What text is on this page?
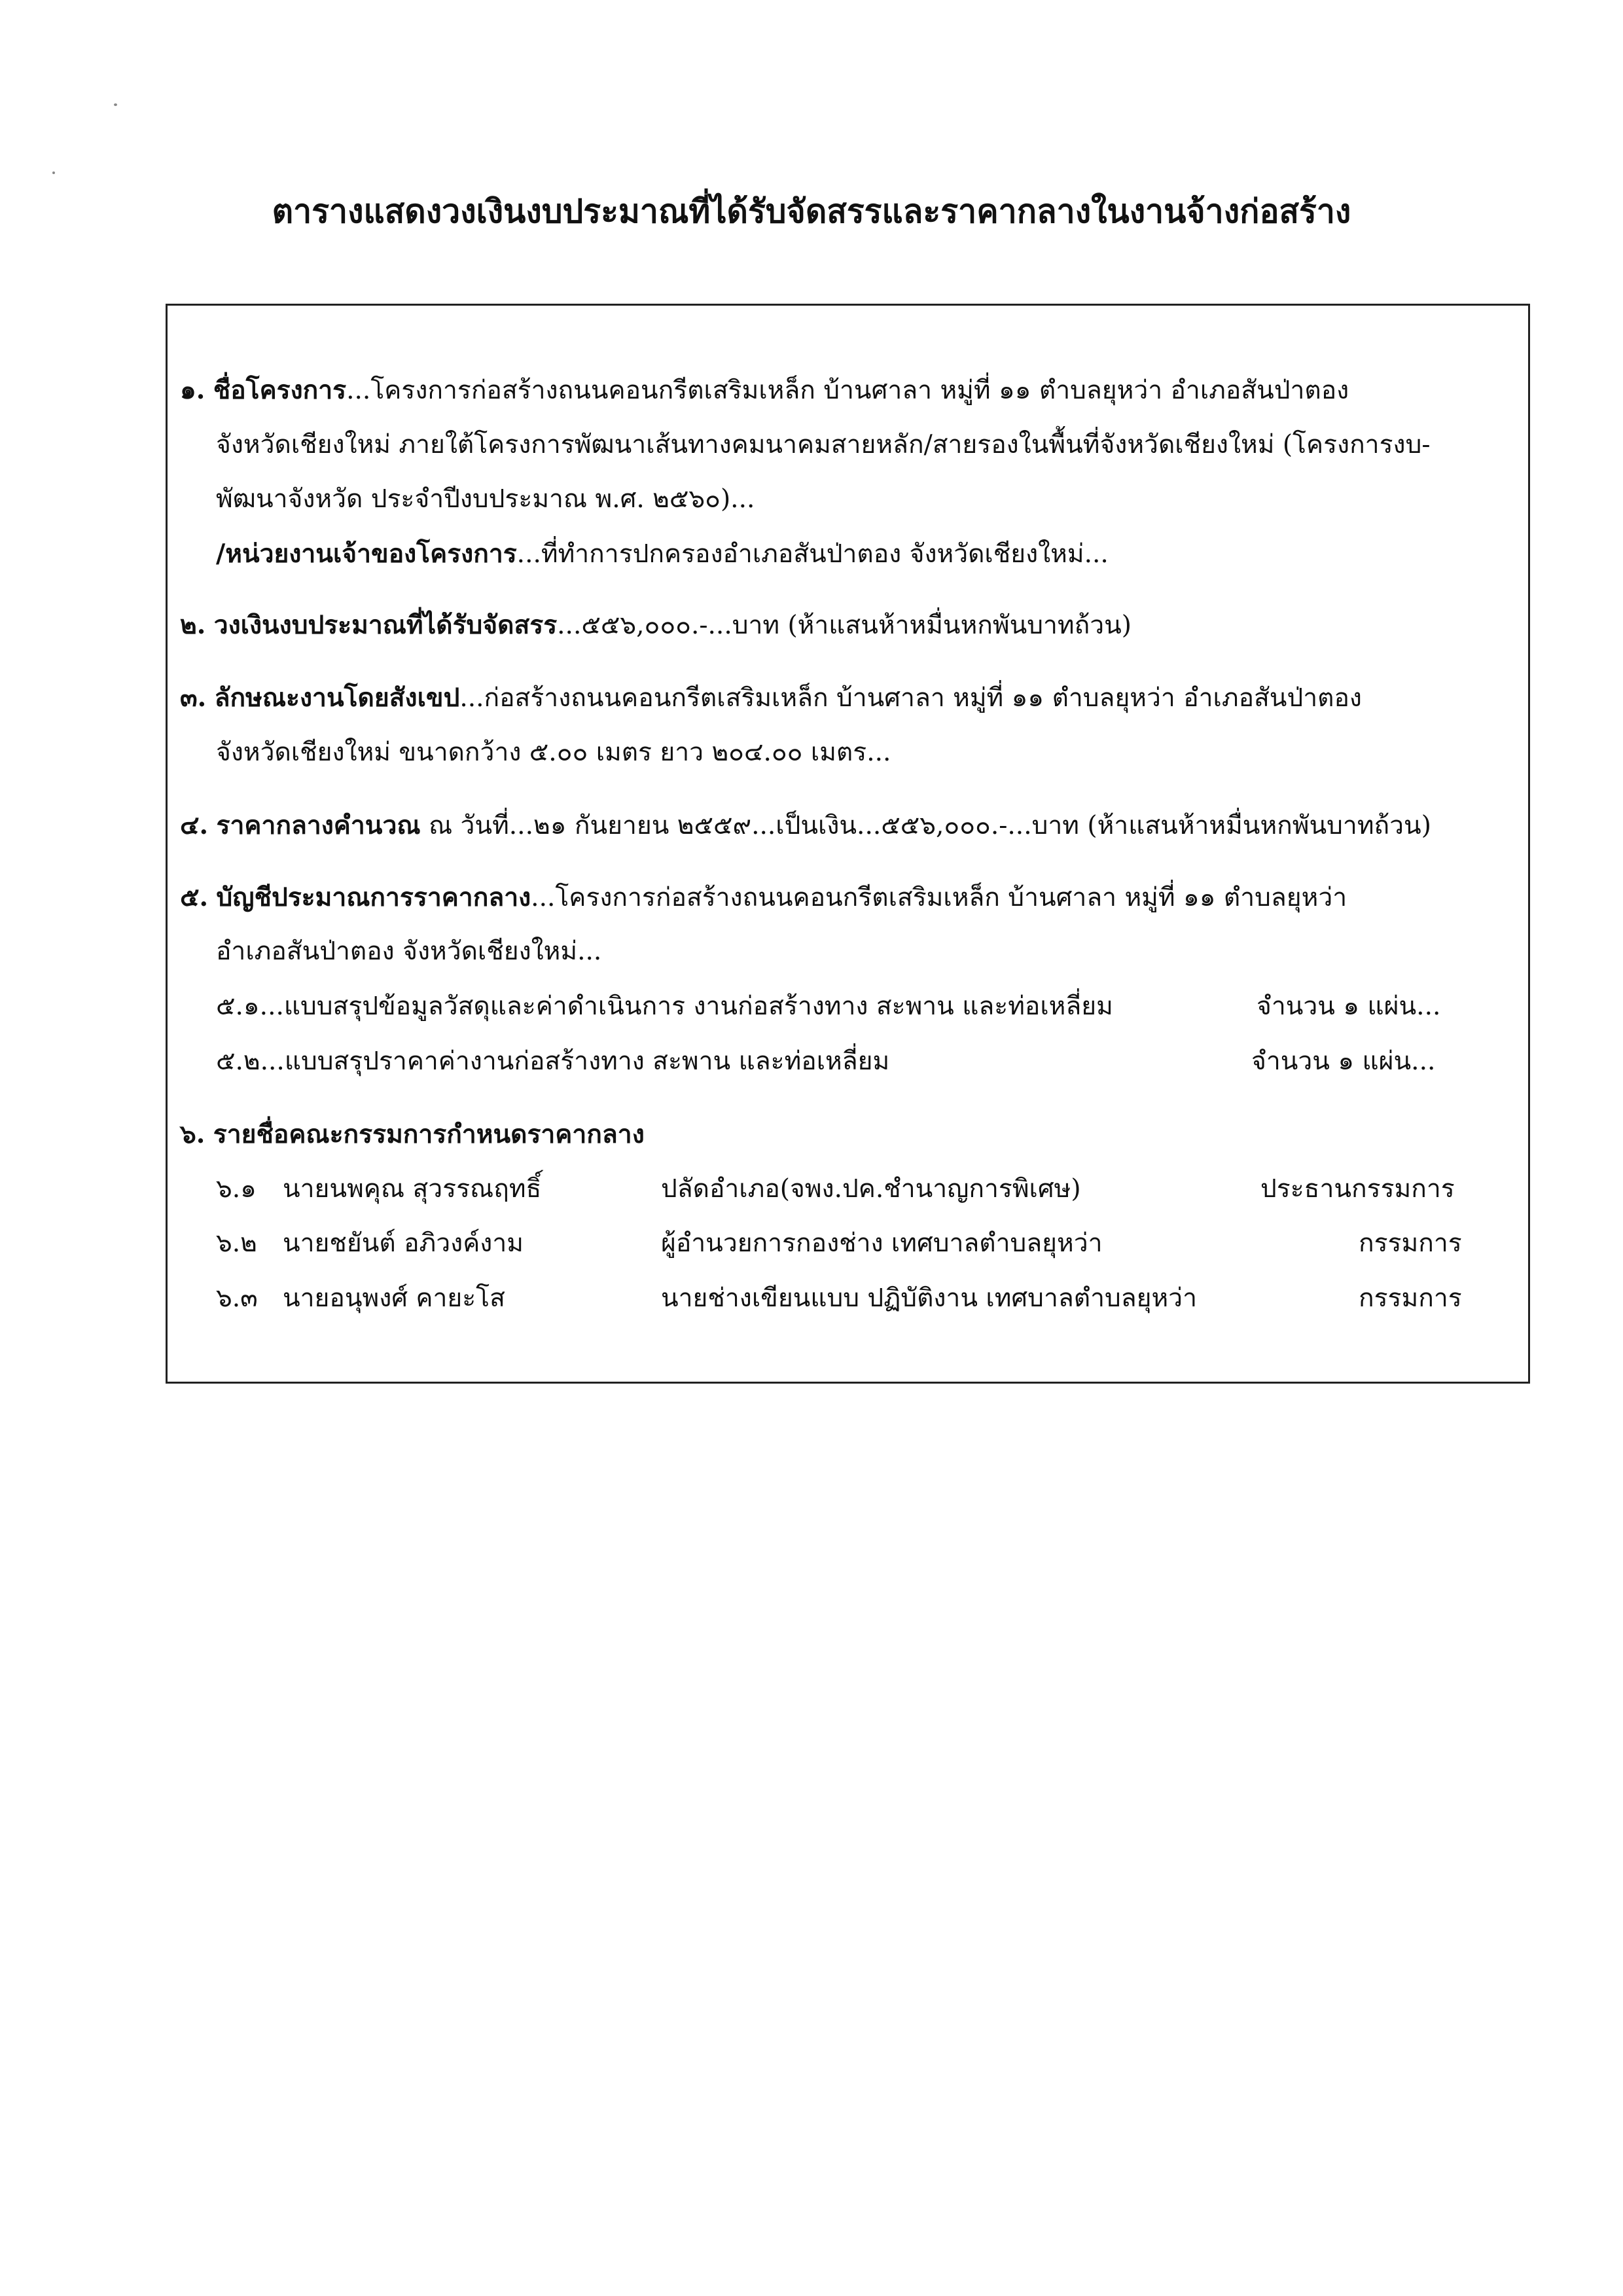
ตารางแสดงวงเงินงบประมาณที่ได้รับจัดสรรและราคากลางในงานจ้างก่อสร้าง
๑. ชื่อโครงการ...โครงการก่อสร้างถนนคอนกรีตเสริมเหล็ก บ้านศาลา หมู่ที่ ๑๑ ตำบลยุหว่า อำเภอสันป่าตอง
จังหวัดเชียงใหม่ ภายใต้โครงการพัฒนาเส้นทางคมนาคมสายหลัก/สายรองในพื้นที่จังหวัดเชียงใหม่ (โครงการงบ-
พัฒนาจังหวัด ประจำปีงบประมาณ พ.ศ. ๒๕๖๐)...
/หน่วยงานเจ้าของโครงการ...ที่ทำการปกครองอำเภอสันป่าตอง จังหวัดเชียงใหม่...
๒. วงเงินงบประมาณที่ได้รับจัดสรร...๕๕๖,๐๐๐.-...บาท (ห้าแสนห้าหมื่นหกพันบาทถ้วน)
๓. ลักษณะงานโดยสังเขป...ก่อสร้างถนนคอนกรีตเสริมเหล็ก บ้านศาลา หมู่ที่ ๑๑ ตำบลยุหว่า อำเภอสันป่าตอง
จังหวัดเชียงใหม่ ขนาดกว้าง ๕.๐๐ เมตร ยาว ๒๐๔.๐๐ เมตร...
๔. ราคากลางคำนวณ ณ วันที่...๒๑ กันยายน ๒๕๕๙...เป็นเงิน...๕๕๖,๐๐๐.-...บาท (ห้าแสนห้าหมื่นหกพันบาทถ้วน)
๕. บัญชีประมาณการราคากลาง...โครงการก่อสร้างถนนคอนกรีตเสริมเหล็ก บ้านศาลา หมู่ที่ ๑๑ ตำบลยุหว่า
อำเภอสันป่าตอง จังหวัดเชียงใหม่...
๕.๑...แบบสรุปข้อมูลวัสดุและค่าดำเนินการ งานก่อสร้างทาง สะพาน และท่อเหลี่ยม	จำนวน ๑ แผ่น...
๕.๒...แบบสรุปราคาค่างานก่อสร้างทาง สะพาน และท่อเหลี่ยม	จำนวน ๑ แผ่น...
๖. รายชื่อคณะกรรมการกำหนดราคากลาง
๖.๑ นายนพคุณ สุวรรณฤทธิ์	ปลัดอำเภอ(จพง.ปค.ชำนาญการพิเศษ)	ประธานกรรมการ
๖.๒ นายชยันต์ อภิวงค์งาม	ผู้อำนวยการกองช่าง เทศบาลตำบลยุหว่า	กรรมการ
๖.๓ นายอนุพงศ์ คายะโส	นายช่างเขียนแบบ ปฏิบัติงาน เทศบาลตำบลยุหว่า	กรรมการ
